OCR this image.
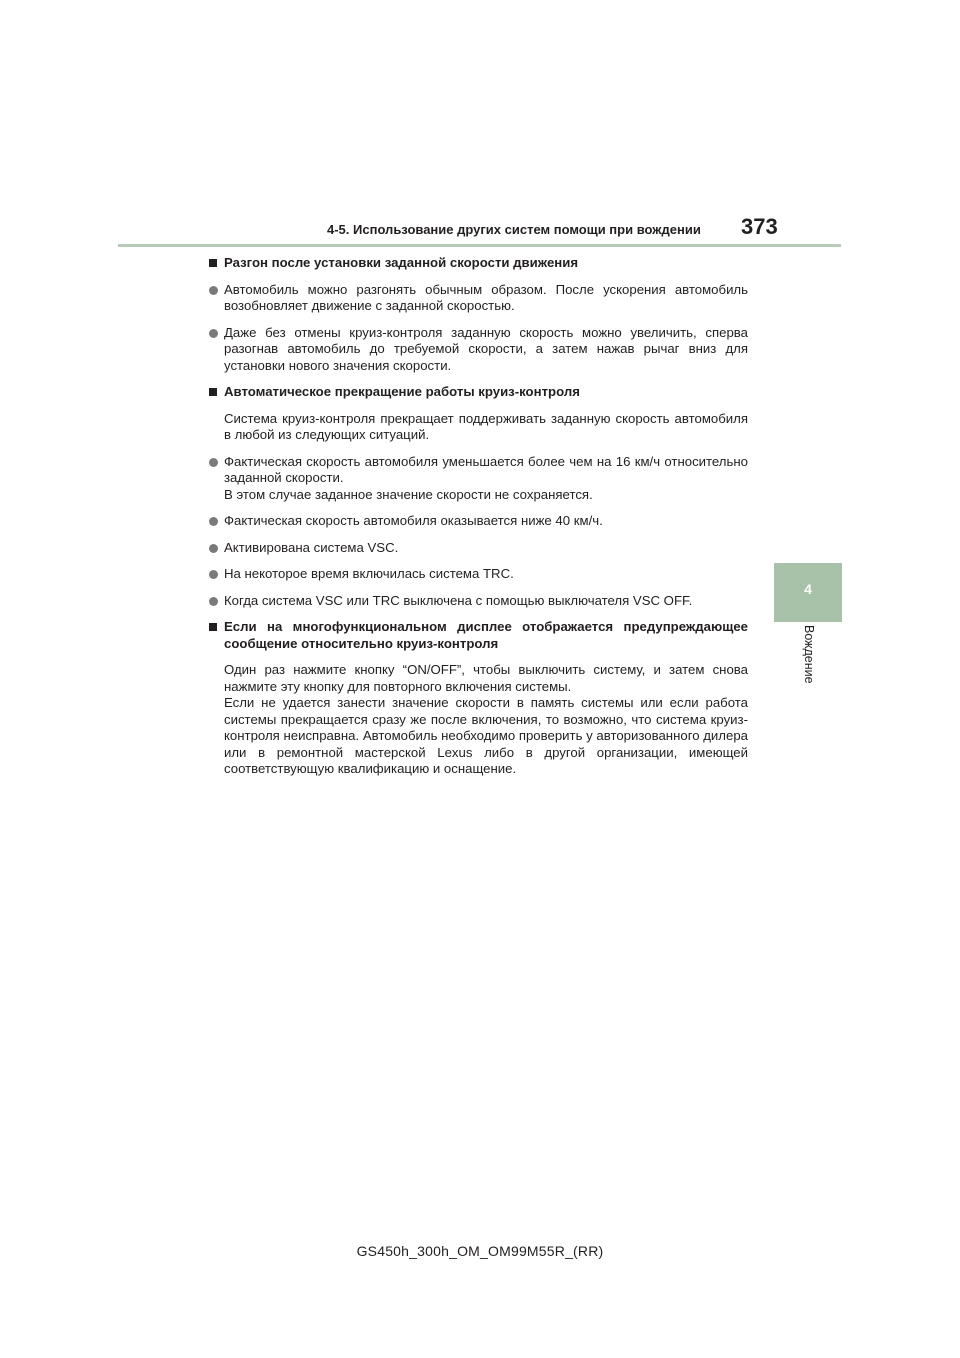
4-5. Использование других систем помощи при вождении 373
4
Вождение
Разгон после установки заданной скорости движения
Автомобиль можно разгонять обычным образом. После ускорения автомобиль возобновляет движение с заданной скоростью.
Даже без отмены круиз-контроля заданную скорость можно увеличить, сперва разогнав автомобиль до требуемой скорости, а затем нажав рычаг вниз для установки нового значения скорости.
Автоматическое прекращение работы круиз-контроля
Система круиз-контроля прекращает поддерживать заданную скорость автомобиля в любой из следующих ситуаций.
Фактическая скорость автомобиля уменьшается более чем на 16 км/ч относительно заданной скорости.
В этом случае заданное значение скорости не сохраняется.
Фактическая скорость автомобиля оказывается ниже 40 км/ч.
Активирована система VSC.
На некоторое время включилась система TRC.
Когда система VSC или TRC выключена с помощью выключателя VSC OFF.
Если на многофункциональном дисплее отображается предупреждающее сообщение относительно круиз-контроля
Один раз нажмите кнопку “ON/OFF”, чтобы выключить систему, и затем снова нажмите эту кнопку для повторного включения системы.
Если не удается занести значение скорости в память системы или если работа системы прекращается сразу же после включения, то возможно, что система круиз-контроля неисправна. Автомобиль необходимо проверить у авторизованного дилера или в ремонтной мастерской Lexus либо в другой организации, имеющей соответствующую квалификацию и оснащение.
GS450h_300h_OM_OM99M55R_(RR)
